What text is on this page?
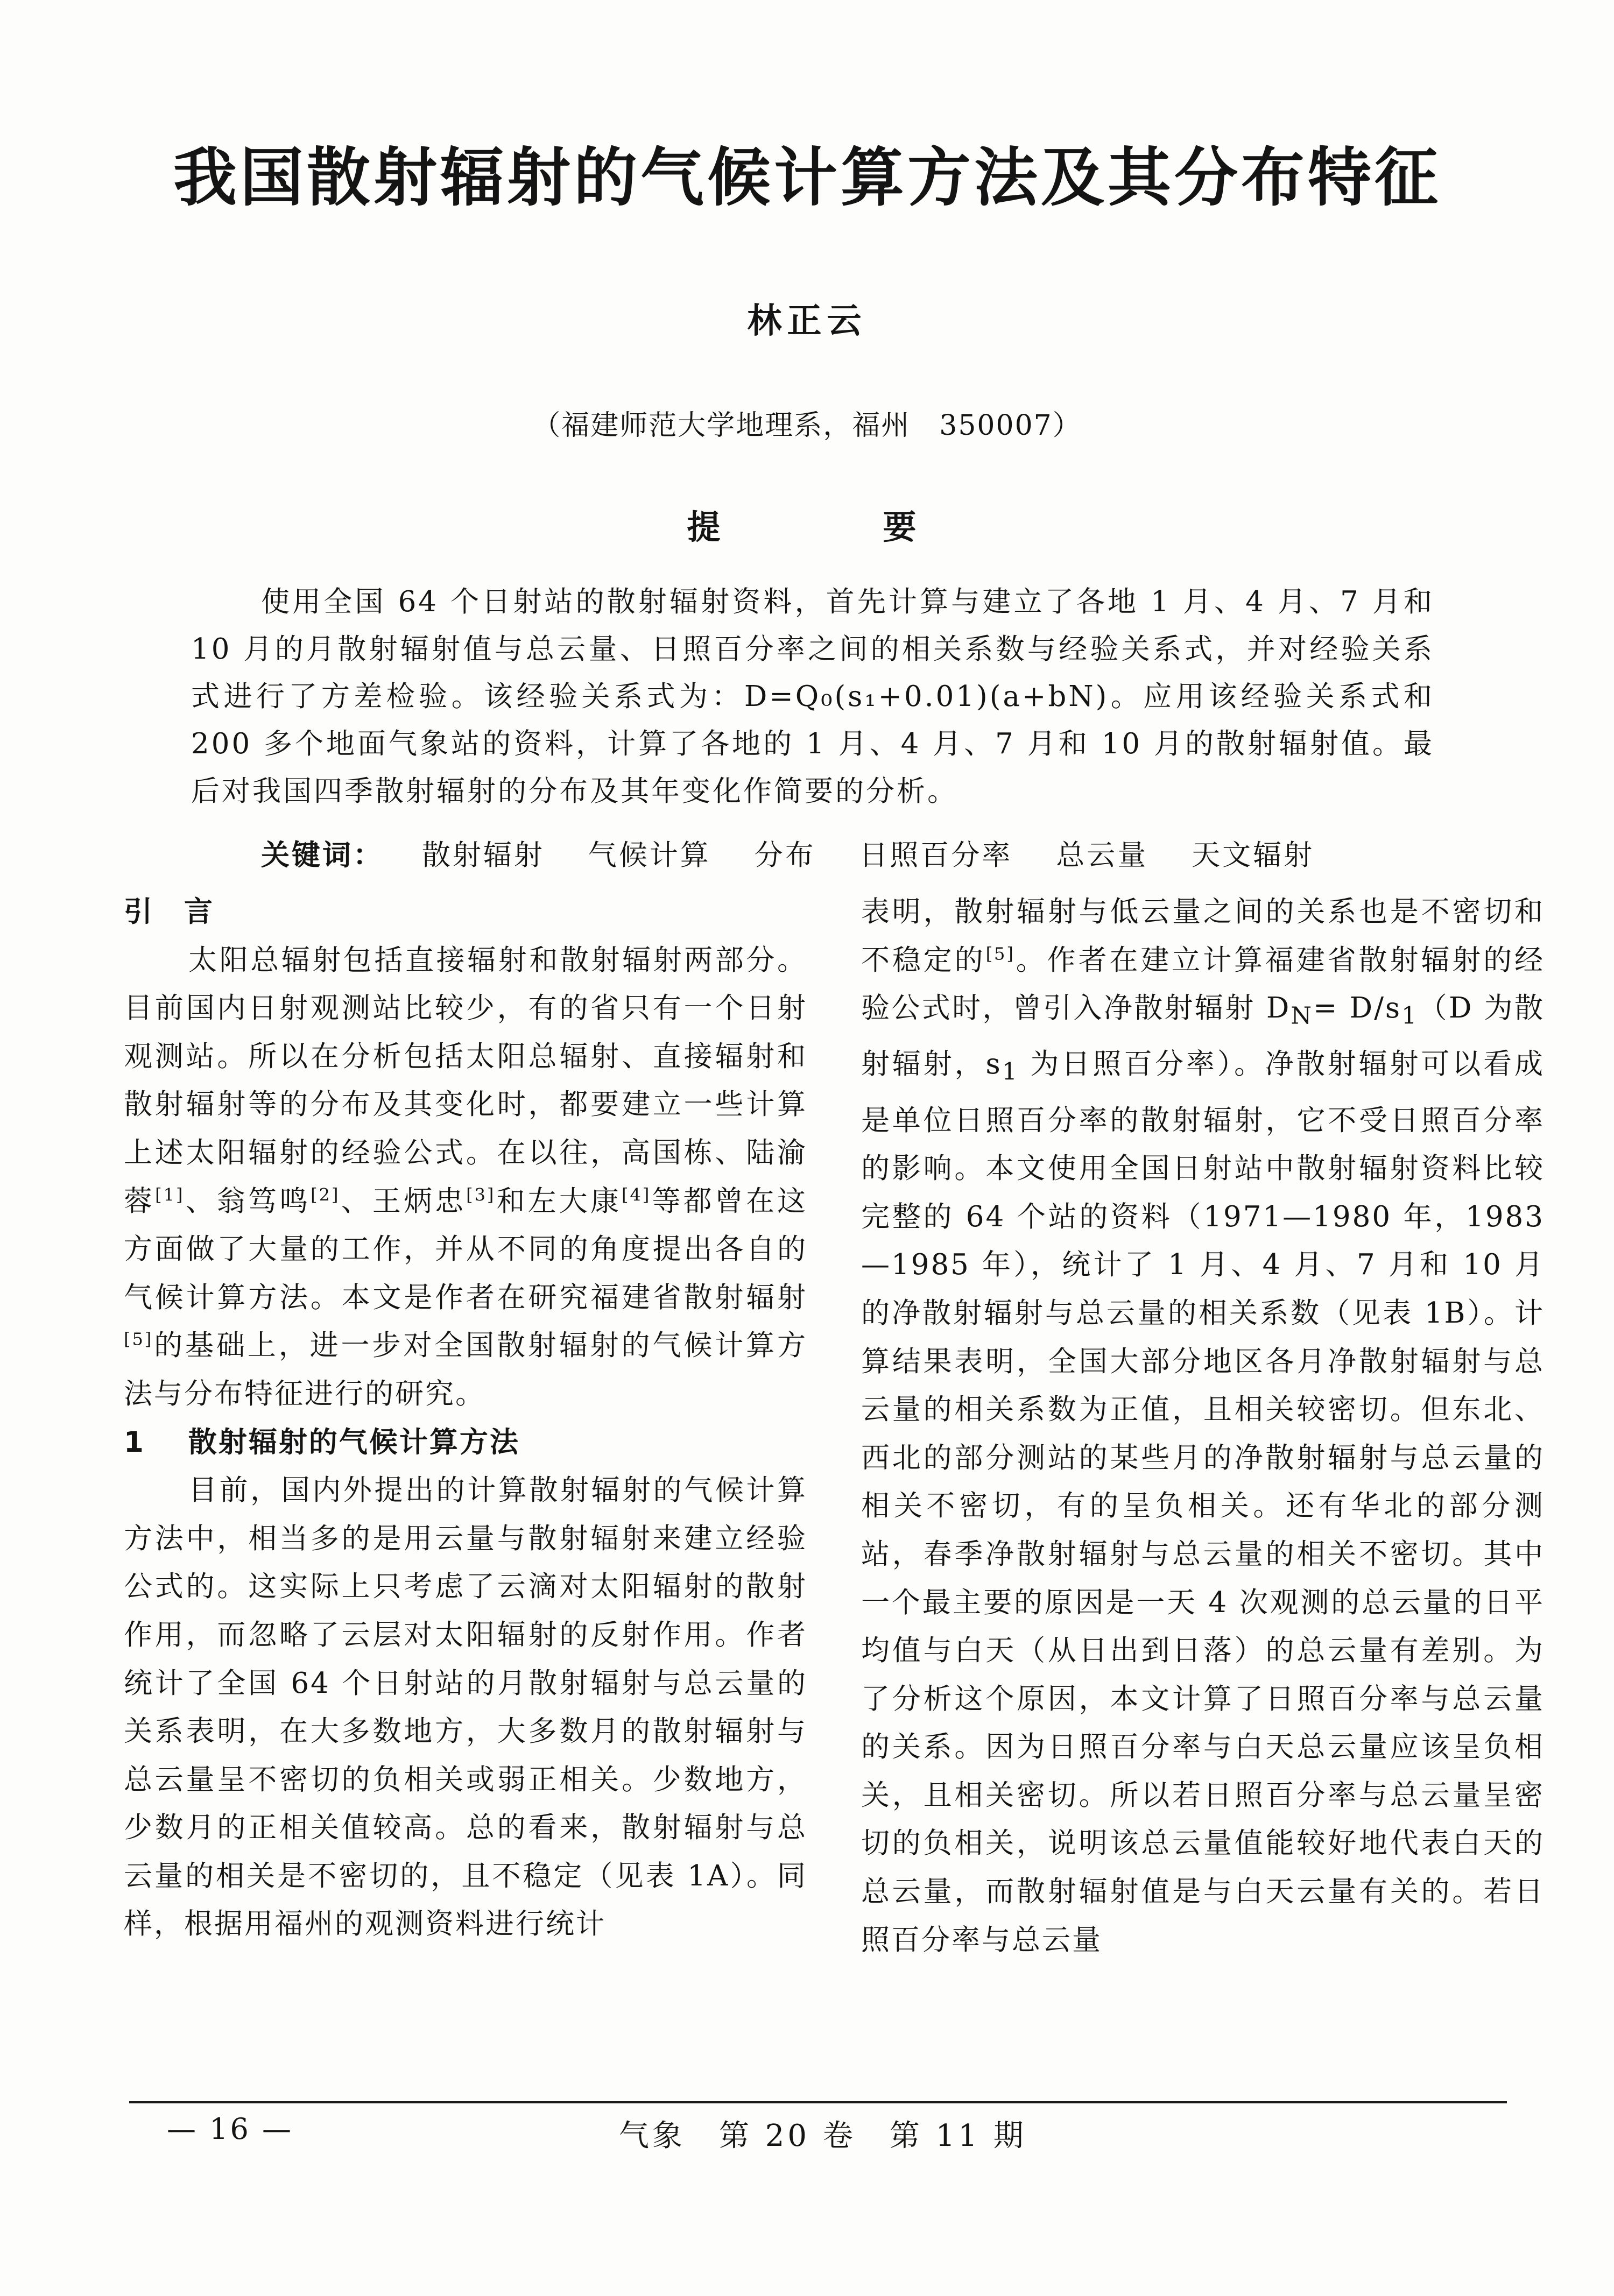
我国散射辐射的气候计算方法及其分布特征
林正云
（福建师范大学地理系，福州　350007）
提　要
使用全国 64 个日射站的散射辐射资料，首先计算与建立了各地 1 月、4 月、7 月和 10 月的月散射辐射值与总云量、日照百分率之间的相关系数与经验关系式，并对经验关系式进行了方差检验。该经验关系式为：D=Q₀(s₁+0.01)(a+bN)。应用该经验关系式和 200 多个地面气象站的资料，计算了各地的 1 月、4 月、7 月和 10 月的散射辐射值。最后对我国四季散射辐射的分布及其年变化作简要的分析。
关键词： 散射辐射 气候计算 分布 日照百分率 总云量 天文辐射

引　言

太阳总辐射包括直接辐射和散射辐射两部分。目前国内日射观测站比较少，有的省只有一个日射观测站。所以在分析包括太阳总辐射、直接辐射和散射辐射等的分布及其变化时，都要建立一些计算上述太阳辐射的经验公式。在以往，高国栋、陆渝蓉[1]、翁笃鸣[2]、王炳忠[3]和左大康[4]等都曾在这方面做了大量的工作，并从不同的角度提出各自的气候计算方法。本文是作者在研究福建省散射辐射[5]的基础上，进一步对全国散射辐射的气候计算方法与分布特征进行的研究。

1 散射辐射的气候计算方法

目前，国内外提出的计算散射辐射的气候计算方法中，相当多的是用云量与散射辐射来建立经验公式的。这实际上只考虑了云滴对太阳辐射的散射作用，而忽略了云层对太阳辐射的反射作用。作者统计了全国 64 个日射站的月散射辐射与总云量的关系表明，在大多数地方，大多数月的散射辐射与总云量呈不密切的负相关或弱正相关。少数地方，少数月的正相关值较高。总的看来，散射辐射与总云量的相关是不密切的，且不稳定（见表 1A）。同样，根据用福州的观测资料进行统计

表明，散射辐射与低云量之间的关系也是不密切和不稳定的[5]。作者在建立计算福建省散射辐射的经验公式时，曾引入净散射辐射 $D_N= D/s_1(D$ 为散射辐射，$s_1$ 为日照百分率）。净散射辐射可以看成是单位日照百分率的散射辐射，它不受日照百分率的影响。本文使用全国日射站中散射辐射资料比较完整的 64 个站的资料（1971—1980 年，1983—1985 年），统计了 1 月、4 月、7 月和 10 月的净散射辐射与总云量的相关系数（见表 1B）。计算结果表明，全国大部分地区各月净散射辐射与总云量的相关系数为正值，且相关较密切。但东北、西北的部分测站的某些月的净散射辐射与总云量的相关不密切，有的呈负相关。还有华北的部分测站，春季净散射辐射与总云量的相关不密切。其中一个最主要的原因是一天 4 次观测的总云量的日平均值与白天（从日出到日落）的总云量有差别。为了分析这个原因，本文计算了日照百分率与总云量的关系。因为日照百分率与白天总云量应该呈负相关，且相关密切。所以若日照百分率与总云量呈密切的负相关，说明该总云量值能较好地代表白天的总云量，而散射辐射值是与白天云量有关的。若日照百分率与总云量

— 16 —	气象　第 20 卷　第 11 期
